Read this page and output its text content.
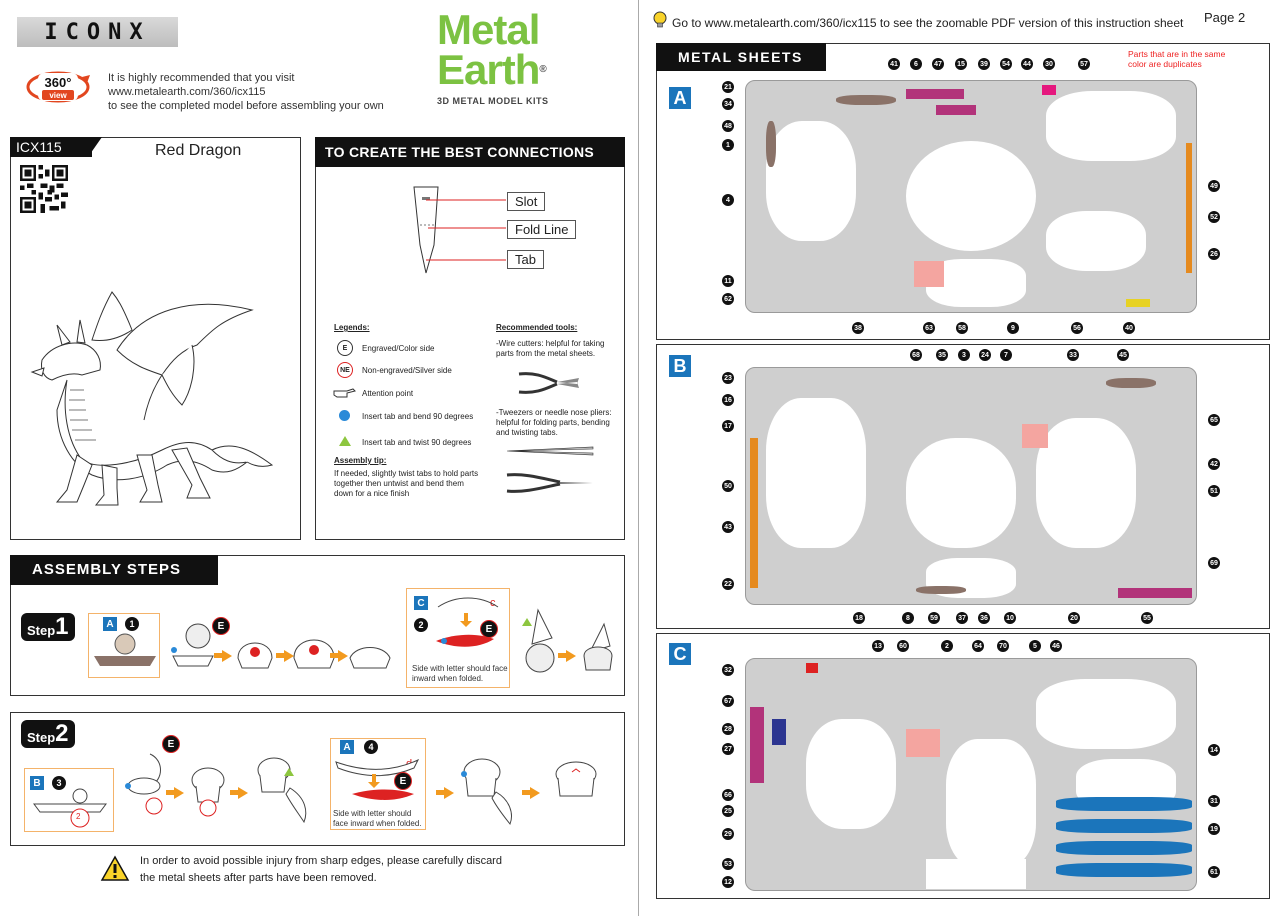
ICONX
360°
view
It is highly recommended that you visit
www.metalearth.com/360/icx115
to see the completed model before assembling your own
Metal
Earth®
3D METAL MODEL KITS
ICX115	Red Dragon	TO CREATE THE BEST CONNECTIONS
Slot
Fold Line
Tab
Legends:
E	Engraved/Color side
NE	Non-engraved/Silver side
Attention point
Insert tab and bend 90 degrees
Insert tab and twist 90 degrees
Assembly tip:
If needed, slightly twist tabs to hold parts together then untwist and bend them down for a nice finish
Recommended tools:
-Wire cutters: helpful for taking parts from the metal sheets.
-Tweezers or needle nose pliers: helpful for folding parts, bending and twisting tabs.
ASSEMBLY STEPS
Step 1	A	1	E
C
2
c
E
Side with letter should face inward when folded.
Step 2
B	3
2
E	A	4
E
Side with letter should face inward when folded.
In order to avoid possible injury from sharp edges, please carefully discard
the metal sheets after parts have been removed.
Go to www.metalearth.com/360/icx115 to see the zoomable PDF version of this instruction sheet Page 2
METAL SHEETS	Parts that are in the same
color are duplicates
A
B
C
41	6	47	15	39	54	44	30	57
21
34
48
1
4
11
62
49
52
26
38	63	58	9	56	40
68	35	3	24	7	33	45
23
16
17
50
43
22
65
42
51
69
18	8	59	37	36	10	20	55
13	60	2	64	70	5	46
32
67
28
27
66
25
29
53
12
14
31
19
61
